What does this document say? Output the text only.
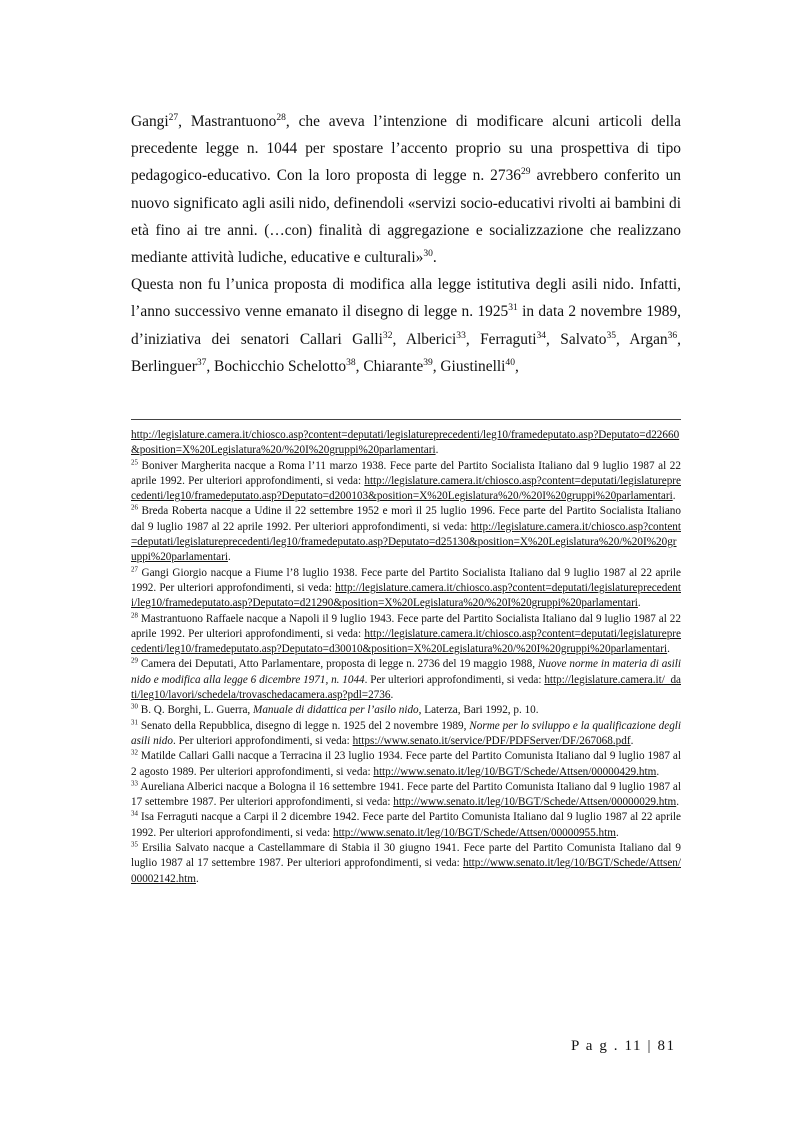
Gangi$^{27}$, Mastrantuono$^{28}$, che aveva l’intenzione di modificare alcuni articoli della precedente legge n. 1044 per spostare l’accento proprio su una prospettiva di tipo pedagogico-educativo. Con la loro proposta di legge n. 2736$^{29}$ avrebbero conferito un nuovo significato agli asili nido, definendoli «servizi socio-educativi rivolti ai bambini di età fino ai tre anni. (…con) finalità di aggregazione e socializzazione che realizzano mediante attività ludiche, educative e culturali»$^{30}$.

Questa non fu l’unica proposta di modifica alla legge istitutiva degli asili nido. Infatti, l’anno successivo venne emanato il disegno di legge n. 1925$^{31}$ in data 2 novembre 1989, d’iniziativa dei senatori Callari Galli$^{32}$, Alberici$^{33}$, Ferraguti$^{34}$, Salvato$^{35}$, Argan$^{36}$, Berlinguer$^{37}$, Bochicchio Schelotto$^{38}$, Chiarante$^{39}$, Giustinelli$^{40}$,

http://legislature.camera.it/chiosco.asp?content=deputati/legislatureprecedenti/leg10/framedeputato.asp?Deputato=d22660&position=X%20Legislatura%20/%20I%20gruppi%20parlamentari.

$^{25}$ Boniver Margherita nacque a Roma l’11 marzo 1938. Fece parte del Partito Socialista Italiano dal 9 luglio 1987 al 22 aprile 1992. Per ulteriori approfondimenti, si veda: http://legislature.camera.it/chiosco.asp?content=deputati/legislatureprecedenti/leg10/framedeputato.asp?Deputato=d200103&position=X%20Legislatura%20/%20I%20gruppi%20parlamentari.

$^{26}$ Breda Roberta nacque a Udine il 22 settembre 1952 e morì il 25 luglio 1996. Fece parte del Partito Socialista Italiano dal 9 luglio 1987 al 22 aprile 1992. Per ulteriori approfondimenti, si veda: http://legislature.camera.it/chiosco.asp?content=deputati/legislatureprecedenti/leg10/framedeputato.asp?Deputato=d25130&position=X%20Legislatura%20/%20I%20gruppi%20parlamentari.

$^{27}$ Gangi Giorgio nacque a Fiume l’8 luglio 1938. Fece parte del Partito Socialista Italiano dal 9 luglio 1987 al 22 aprile 1992. Per ulteriori approfondimenti, si veda: http://legislature.camera.it/chiosco.asp?content=deputati/legislatureprecedenti/leg10/framedeputato.asp?Deputato=d21290&position=X%20Legislatura%20/%20I%20gruppi%20parlamentari.

$^{28}$ Mastrantuono Raffaele nacque a Napoli il 9 luglio 1943. Fece parte del Partito Socialista Italiano dal 9 luglio 1987 al 22 aprile 1992. Per ulteriori approfondimenti, si veda: http://legislature.camera.it/chiosco.asp?content=deputati/legislatureprecedenti/leg10/framedeputato.asp?Deputato=d30010&position=X%20Legislatura%20/%20I%20gruppi%20parlamentari.

$^{29}$ Camera dei Deputati, Atto Parlamentare, proposta di legge n. 2736 del 19 maggio 1988, Nuove norme in materia di asili nido e modifica alla legge 6 dicembre 1971, n. 1044. Per ulteriori approfondimenti, si veda: http://legislature.camera.it/_dati/leg10/lavori/schedela/trovaschedacamera.asp?pdl=2736.

$^{30}$ B. Q. Borghi, L. Guerra, Manuale di didattica per l’asilo nido, Laterza, Bari 1992, p. 10.

$^{31}$ Senato della Repubblica, disegno di legge n. 1925 del 2 novembre 1989, Norme per lo sviluppo e la qualificazione degli asili nido. Per ulteriori approfondimenti, si veda: https://www.senato.it/service/PDF/PDFServer/DF/267068.pdf.

$^{32}$ Matilde Callari Galli nacque a Terracina il 23 luglio 1934. Fece parte del Partito Comunista Italiano dal 9 luglio 1987 al 2 agosto 1989. Per ulteriori approfondimenti, si veda: http://www.senato.it/leg/10/BGT/Schede/Attsen/00000429.htm.

$^{33}$ Aureliana Alberici nacque a Bologna il 16 settembre 1941. Fece parte del Partito Comunista Italiano dal 9 luglio 1987 al 17 settembre 1987. Per ulteriori approfondimenti, si veda: http://www.senato.it/leg/10/BGT/Schede/Attsen/00000029.htm.

$^{34}$ Isa Ferraguti nacque a Carpi il 2 dicembre 1942. Fece parte del Partito Comunista Italiano dal 9 luglio 1987 al 22 aprile 1992. Per ulteriori approfondimenti, si veda: http://www.senato.it/leg/10/BGT/Schede/Attsen/00000955.htm.

$^{35}$ Ersilia Salvato nacque a Castellammare di Stabia il 30 giugno 1941. Fece parte del Partito Comunista Italiano dal 9 luglio 1987 al 17 settembre 1987. Per ulteriori approfondimenti, si veda: http://www.senato.it/leg/10/BGT/Schede/Attsen/00002142.htm.

P a g . 11 | 81
